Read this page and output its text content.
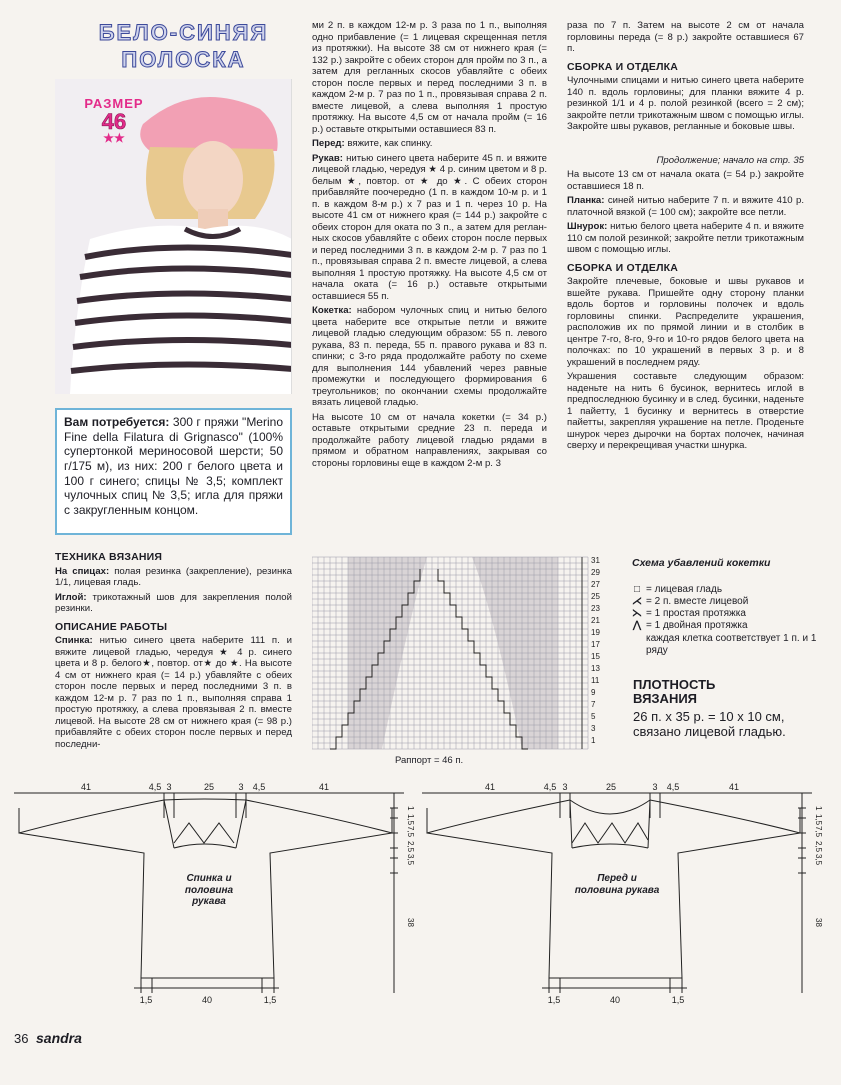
БЕЛО-СИНЯЯ
ПОЛОСКА
РАЗМЕР
46
★★
Вам потребуется: 300 г пряжи "Merino Fine della Filatura di Grignasco" (100% супертонкой мериносовой шерсти; 50 г/175 м), из них: 200 г белого цвета и 100 г синего; спицы № 3,5; комплект чулочных спиц № 3,5; игла для пряжи с закругленным концом.
ТЕХНИКА ВЯЗАНИЯ

На спицах: полая резинка (закрепление), резинка 1/1, лицевая гладь.

Иглой: трикотажный шов для закрепления полой резинки.

ОПИСАНИЕ РАБОТЫ

Спинка: нитью синего цвета наберите 111 п. и вяжите лицевой гладью, чередуя ★ 4 р. синего цвета и 8 р. белого★, повтор. от★ до ★. На высоте 4 см от нижнего края (= 14 р.) убавляйте с обеих сторон после первых и перед последними 3 п. в каждом 12-м р. 7 раз по 1 п., выполняя справа 1 простую протяжку, а слева провязывая 2 п. вместе лицевой. На высоте 28 см от нижнего края (= 98 р.) прибавляйте с обеих сторон после первых и перед последни-

ми 2 п. в каждом 12-м р. 3 раза по 1 п., выполняя одно прибавление (= 1 лицевая скрещенная петля из протяжки). На высоте 38 см от нижнего края (= 132 р.) закройте с обеих сторон для пройм по 3 п., а затем для регланных скосов убавляйте с обеих сторон после первых и перед последними 3 п. в каждом 2-м р. 7 раз по 1 п., провязывая справа 2 п. вместе лицевой, а слева выполняя 1 простую протяжку. На высоте 4,5 см от начала пройм (= 16 р.) оставьте открытыми оставшиеся 83 п.

Перед: вяжите, как спинку.

Рукав: нитью синего цвета наберите 45 п. и вяжите лицевой гладью, чередуя ★ 4 р. синим цветом и 8 р. белым ★, повтор. от ★ до ★. С обеих сторон прибавляйте поочередно (1 п. в каждом 10-м р. и 1 п. в каждом 8-м р.) х 7 раз и 1 п. через 10 р. На высоте 41 см от нижнего края (= 144 р.) закройте с обеих сторон для оката по 3 п., а затем для регланных скосов убавляйте с обеих сторон после первых и перед последними 3 п. в каждом 2-м р. 7 раз по 1 п., провязывая справа 2 п. вместе лицевой, а слева выполняя 1 простую протяжку. На высоте 4,5 см от начала оката (= 16 р.) оставьте открытыми оставшиеся 55 п.

Кокетка: набором чулочных спиц и нитью белого цвета наберите все открытые петли и вяжите лицевой гладью следующим образом: 55 п. левого рукава, 83 п. переда, 55 п. правого рукава и 83 п. спинки; с 3-го ряда продолжайте работу по схеме для выполнения 144 убавлений через равные промежутки и последующего формирования 6 треугольников; по окончании схемы продолжайте вязать лицевой гладью.

На высоте 10 см от начала кокетки (= 34 р.) оставьте открытыми средние 23 п. переда и продолжайте работу лицевой гладью рядами в прямом и обратном направлениях, закрывая со стороны горловины еще в каждом 2-м р. 3

раза по 7 п. Затем на высоте 2 см от начала горловины переда (= 8 р.) закройте оставшиеся 67 п.

СБОРКА И ОТДЕЛКА

Чулочными спицами и нитью синего цвета наберите 140 п. вдоль горловины; для планки вяжите 4 р. резинкой 1/1 и 4 р. полой резинкой (всего = 2 см); закройте петли трикотажным швом с помощью иглы. Закройте швы рукавов, регланные и боковые швы.

Продолжение; начало на стр. 35

На высоте 13 см от начала оката (= 54 р.) закройте оставшиеся 18 п.

Планка: синей нитью наберите 7 п. и вяжите 410 р. платочной вязкой (= 100 см); закройте все петли.

Шнурок: нитью белого цвета наберите 4 п. и вяжите 110 см полой резинкой; закройте петли трикотажным швом с помощью иглы.

СБОРКА И ОТДЕЛКА

Закройте плечевые, боковые и швы рукавов и вшейте рукава. Пришейте одну сторону планки вдоль бортов и горловины полочек и вдоль горловины спинки. Распределите украшения, расположив их по прямой линии и в столбик в центре 7-го, 8-го, 9-го и 10-го рядов белого цвета на полочках: по 10 украшений в первых 3 р. и 8 украшений в последнем ряду.

Украшения составьте следующим образом: наденьте на нить 6 бусинок, вернитесь иглой в предпоследнюю бусинку и в след. бусинки, наденьте 1 пайетту, 1 бусинку и вернитесь в отверстие пайетты, закрепляя украшение на петле. Проденьте шнурок через дырочки на бортах полочек, начиная сверху и перекрещивая участки шнурка.

31
29
27
25
23
21
19
17
15
13
11
9
7
5
3
1
Раппорт = 46 п.
Схема убавлений кокетки
□ = лицевая гладь
⋌ = 2 п. вместе лицевой
⋋ = 1 простая протяжка
⋀ = 1 двойная протяжка
каждая клетка соответствует 1 п. и 1 ряду
ПЛОТНОСТЬ
ВЯЗАНИЯ
26 п. х 35 р. = 10 х 10 см, связано лицевой гладью.
41	4,5 3	25	3 4,5	41
1,5	40	1,5
1
1,5
7,5
2,5
3,5
38
Спинка и половина рукава
41	4,5 3	25	3 4,5	41
1,5	40	1,5
1
1,5
7,5
2,5
3,5
38
Перед и половина рукава
36 sandra
